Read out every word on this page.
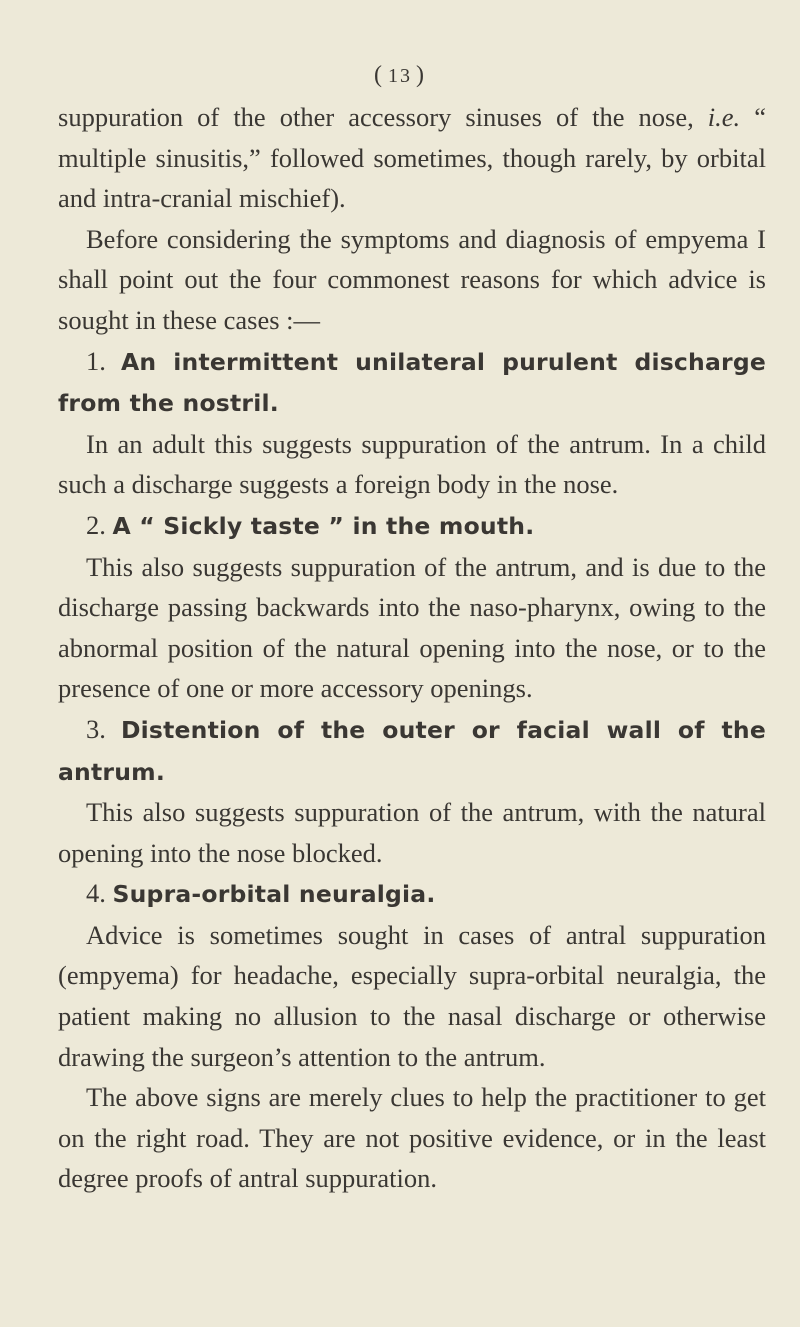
( 13 )

suppuration of the other accessory sinuses of the nose, i.e. “ multiple sinusitis,” followed sometimes, though rarely, by orbital and intra-cranial mischief).

Before considering the symptoms and diagnosis of empyema I shall point out the four commonest reasons for which advice is sought in these cases :—

1. An intermittent unilateral purulent discharge from the nostril.

In an adult this suggests suppuration of the antrum. In a child such a discharge suggests a foreign body in the nose.

2. A “ Sickly taste ” in the mouth.

This also suggests suppuration of the antrum, and is due to the discharge passing backwards into the naso-pharynx, owing to the abnormal position of the natural opening into the nose, or to the presence of one or more accessory openings.

3. Distention of the outer or facial wall of the antrum.

This also suggests suppuration of the antrum, with the natural opening into the nose blocked.

4. Supra-orbital neuralgia.

Advice is sometimes sought in cases of antral suppuration (empyema) for headache, especially supra-orbital neuralgia, the patient making no allusion to the nasal discharge or otherwise drawing the surgeon’s attention to the antrum.

The above signs are merely clues to help the practitioner to get on the right road. They are not positive evidence, or in the least degree proofs of antral suppuration.
